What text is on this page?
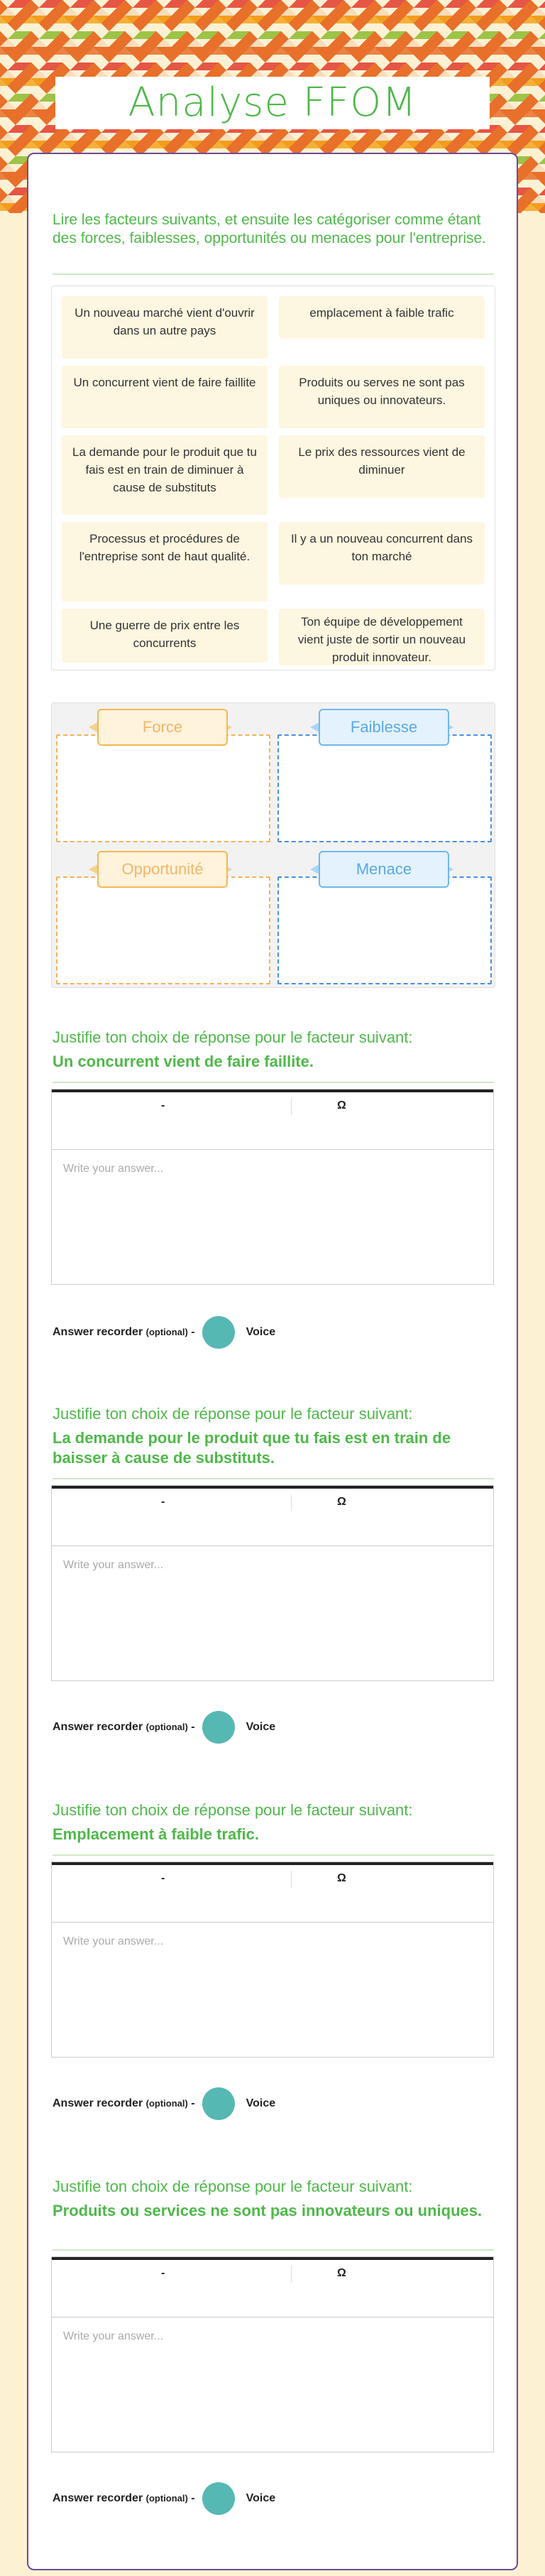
Analyse FFOM
Lire les facteurs suivants, et ensuite les catégoriser comme étant des forces, faiblesses, opportunités ou menaces pour l'entreprise.
Un nouveau marché vient d'ouvrir dans un autre pays
emplacement à faible trafic
Un concurrent vient de faire faillite	Produits ou serves ne sont pas uniques ou innovateurs.
La demande pour le produit que tu fais est en train de diminuer à cause de substituts
Le prix des ressources vient de diminuer
Processus et procédures de l'entreprise sont de haut qualité.
Il y a un nouveau concurrent dans ton marché
Une guerre de prix entre les concurrents
Ton équipe de développement vient juste de sortir un nouveau produit innovateur.
Force	Faiblesse
Opportunité	Menace
Justifie ton choix de réponse pour le facteur suivant:
Un concurrent vient de faire faillite.
-	Ω
Write your answer...
Answer recorder (optional) -	Voice
Justifie ton choix de réponse pour le facteur suivant:
La demande pour le produit que tu fais est en train de baisser à cause de substituts.
-	Ω
Write your answer...
Answer recorder (optional) -	Voice
Justifie ton choix de réponse pour le facteur suivant:
Emplacement à faible trafic.
-	Ω
Write your answer...
Answer recorder (optional) -	Voice
Justifie ton choix de réponse pour le facteur suivant:
Produits ou services ne sont pas innovateurs ou uniques.
-	Ω
Write your answer...
Answer recorder (optional) -	Voice
